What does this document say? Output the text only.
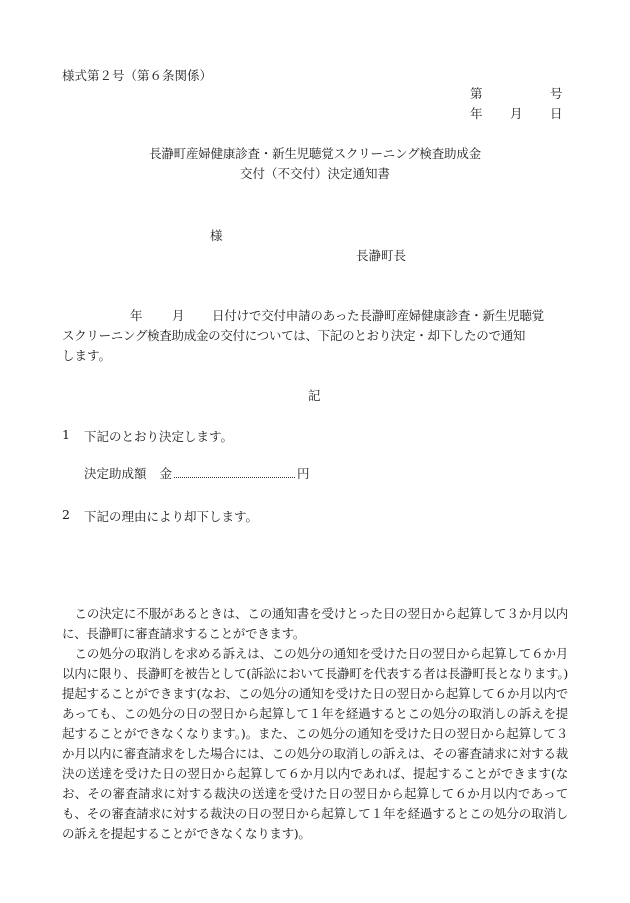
様式第２号（第６条関係）
第	号
年 月 日
長瀞町産婦健康診査・新生児聴覚スクリーニング検査助成金
交付（不交付）決定通知書
様
長瀞町長
年 月 日付けで交付申請のあった長瀞町産婦健康診査・新生児聴覚
スクリーニング検査助成金の交付については、下記のとおり決定・却下したので通知
します。
記
1 下記のとおり決定します。
決定助成額 金	円
2 下記の理由により却下します。
この決定に不服があるときは、この通知書を受けとった日の翌日から起算して３か月以内に、長瀞町に審査請求することができます。
この処分の取消しを求める訴えは、この処分の通知を受けた日の翌日から起算して６か月以内に限り、長瀞町を被告として(訴訟において長瀞町を代表する者は長瀞町長となります。)提起することができます(なお、この処分の通知を受けた日の翌日から起算して６か月以内であっても、この処分の日の翌日から起算して１年を経過するとこの処分の取消しの訴えを提起することができなくなります。)。また、この処分の通知を受けた日の翌日から起算して３か月以内に審査請求をした場合には、この処分の取消しの訴えは、その審査請求に対する裁決の送達を受けた日の翌日から起算して６か月以内であれば、提起することができます(なお、その審査請求に対する裁決の送達を受けた日の翌日から起算して６か月以内であっても、その審査請求に対する裁決の日の翌日から起算して１年を経過するとこの処分の取消しの訴えを提起することができなくなります)。
